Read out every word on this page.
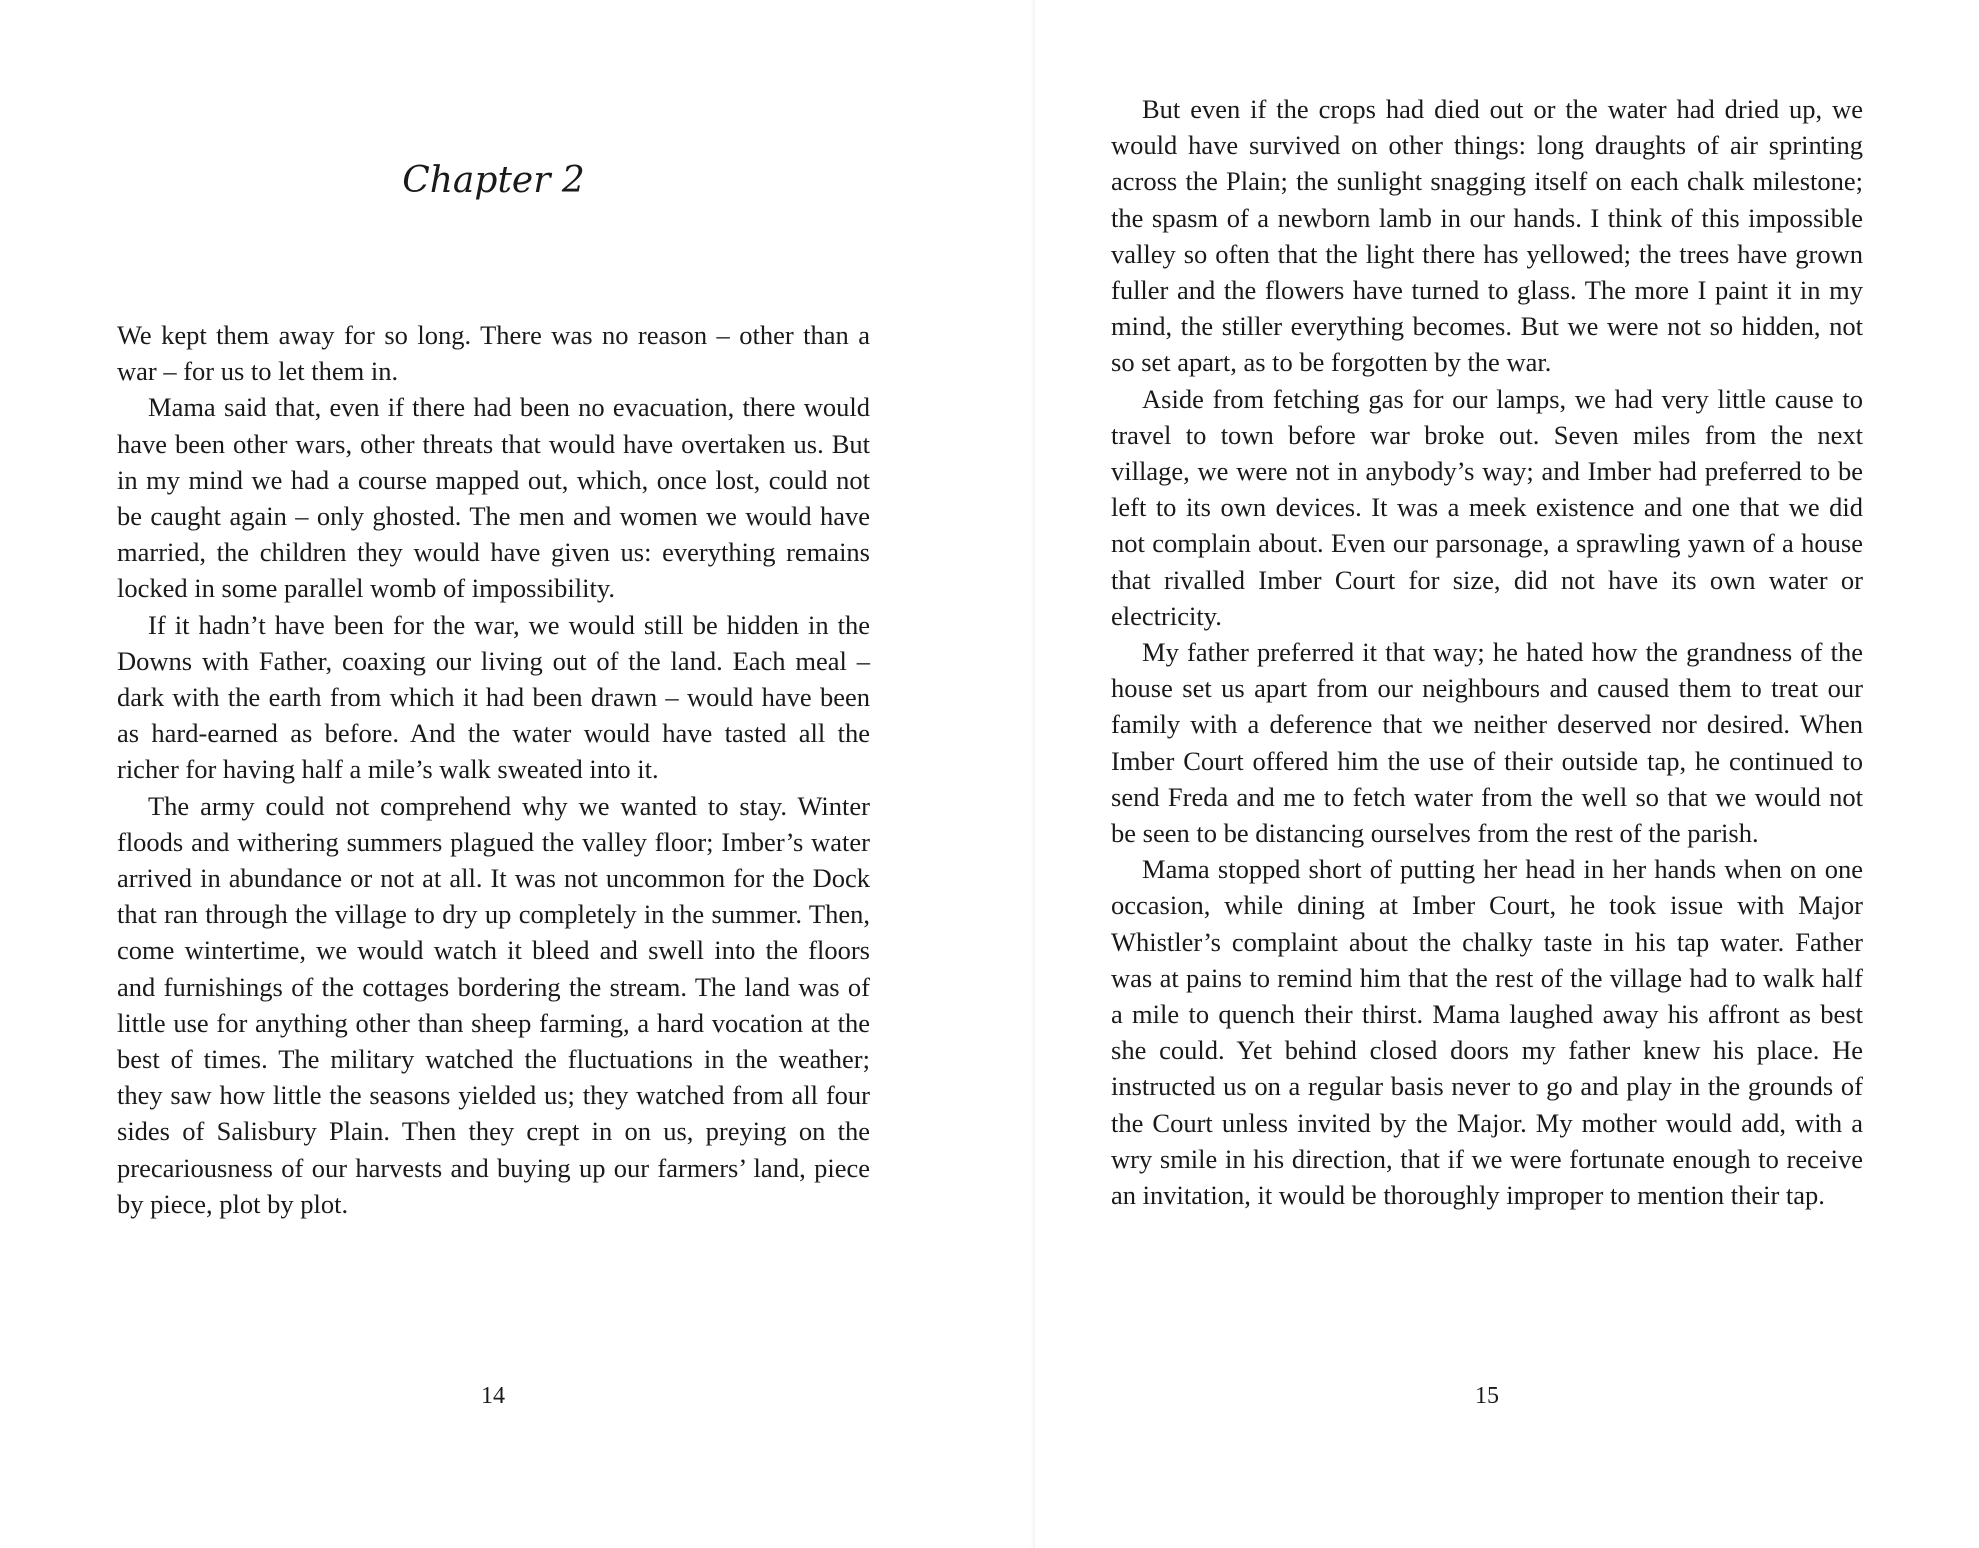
Chapter 2

We kept them away for so long. There was no reason – other than a war – for us to let them in.

Mama said that, even if there had been no evacuation, there would have been other wars, other threats that would have overtaken us. But in my mind we had a course mapped out, which, once lost, could not be caught again – only ghosted. The men and women we would have married, the children they would have given us: everything remains locked in some parallel womb of impossibility.

If it hadn’t have been for the war, we would still be hidden in the Downs with Father, coaxing our living out of the land. Each meal – dark with the earth from which it had been drawn – would have been as hard-earned as before. And the water would have tasted all the richer for having half a mile’s walk sweated into it.

The army could not comprehend why we wanted to stay. Winter floods and withering summers plagued the valley floor; Imber’s water arrived in abundance or not at all. It was not uncommon for the Dock that ran through the village to dry up completely in the summer. Then, come wintertime, we would watch it bleed and swell into the floors and furnishings of the cottages bordering the stream. The land was of little use for anything other than sheep farming, a hard vocation at the best of times. The military watched the fluctuations in the weather; they saw how little the seasons yielded us; they watched from all four sides of Salisbury Plain. Then they crept in on us, preying on the precariousness of our harvests and buying up our farmers’ land, piece by piece, plot by plot.

14

But even if the crops had died out or the water had dried up, we would have survived on other things: long draughts of air sprinting across the Plain; the sunlight snagging itself on each chalk milestone; the spasm of a newborn lamb in our hands. I think of this impossible valley so often that the light there has yellowed; the trees have grown fuller and the flowers have turned to glass. The more I paint it in my mind, the stiller everything becomes. But we were not so hidden, not so set apart, as to be forgotten by the war.

Aside from fetching gas for our lamps, we had very little cause to travel to town before war broke out. Seven miles from the next village, we were not in anybody’s way; and Imber had preferred to be left to its own devices. It was a meek existence and one that we did not complain about. Even our parsonage, a sprawling yawn of a house that rivalled Imber Court for size, did not have its own water or electricity.

My father preferred it that way; he hated how the grandness of the house set us apart from our neighbours and caused them to treat our family with a deference that we neither deserved nor desired. When Imber Court offered him the use of their outside tap, he continued to send Freda and me to fetch water from the well so that we would not be seen to be distancing ourselves from the rest of the parish.

Mama stopped short of putting her head in her hands when on one occasion, while dining at Imber Court, he took issue with Major Whistler’s complaint about the chalky taste in his tap water. Father was at pains to remind him that the rest of the village had to walk half a mile to quench their thirst. Mama laughed away his affront as best she could. Yet behind closed doors my father knew his place. He instructed us on a regular basis never to go and play in the grounds of the Court unless invited by the Major. My mother would add, with a wry smile in his direction, that if we were fortunate enough to receive an invitation, it would be thoroughly improper to mention their tap.

15
